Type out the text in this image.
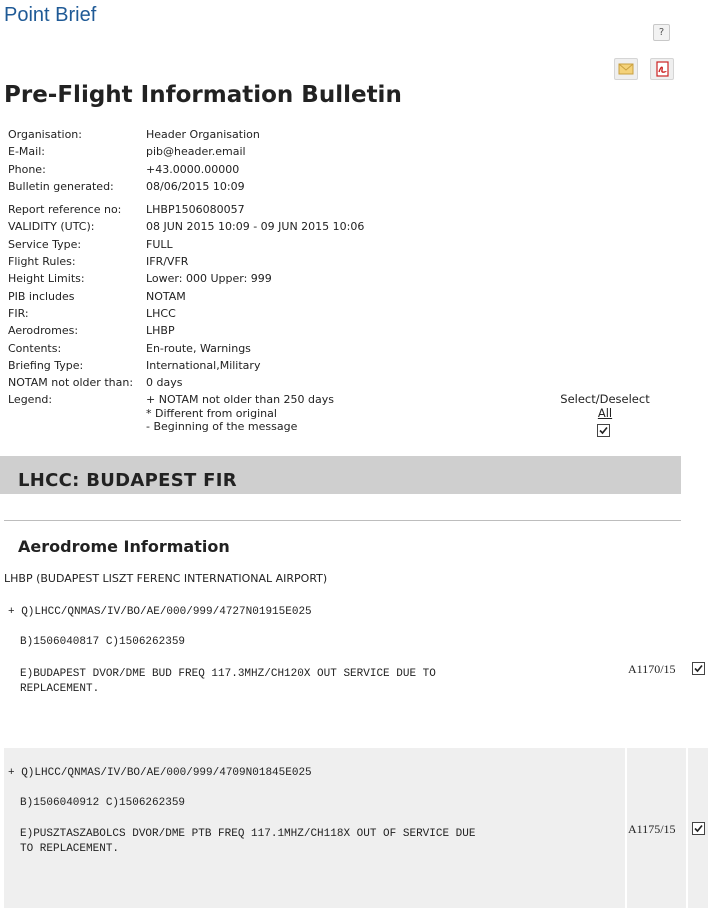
Point Brief
?
Pre-Flight Information Bulletin
Organisation:	Header Organisation
E-Mail:	pib@header.email
Phone:	+43.0000.00000
Bulletin generated:	08/06/2015 10:09
Report reference no:	LHBP1506080057
VALIDITY (UTC):	08 JUN 2015 10:09 - 09 JUN 2015 10:06
Service Type:	FULL
Flight Rules:	IFR/VFR
Height Limits:	Lower: 000 Upper: 999
PIB includes	NOTAM
FIR:	LHCC
Aerodromes:	LHBP
Contents:	En-route, Warnings
Briefing Type:	International,Military
NOTAM not older than:	0 days
Legend:	+ NOTAM not older than 250 days
* Different from original
- Beginning of the message
Select/Deselect
All
LHCC: BUDAPEST FIR
Aerodrome Information
LHBP (BUDAPEST LISZT FERENC INTERNATIONAL AIRPORT)
+ Q)LHCC/QNMAS/IV/BO/AE/000/999/4727N01915E025
B)1506040817 C)1506262359
E)BUDAPEST DVOR/DME BUD FREQ 117.3MHZ/CH120X OUT SERVICE DUE TO
REPLACEMENT.
A1170/15
+ Q)LHCC/QNMAS/IV/BO/AE/000/999/4709N01845E025
B)1506040912 C)1506262359
E)PUSZTASZABOLCS DVOR/DME PTB FREQ 117.1MHZ/CH118X OUT OF SERVICE DUE
TO REPLACEMENT.
A1175/15
